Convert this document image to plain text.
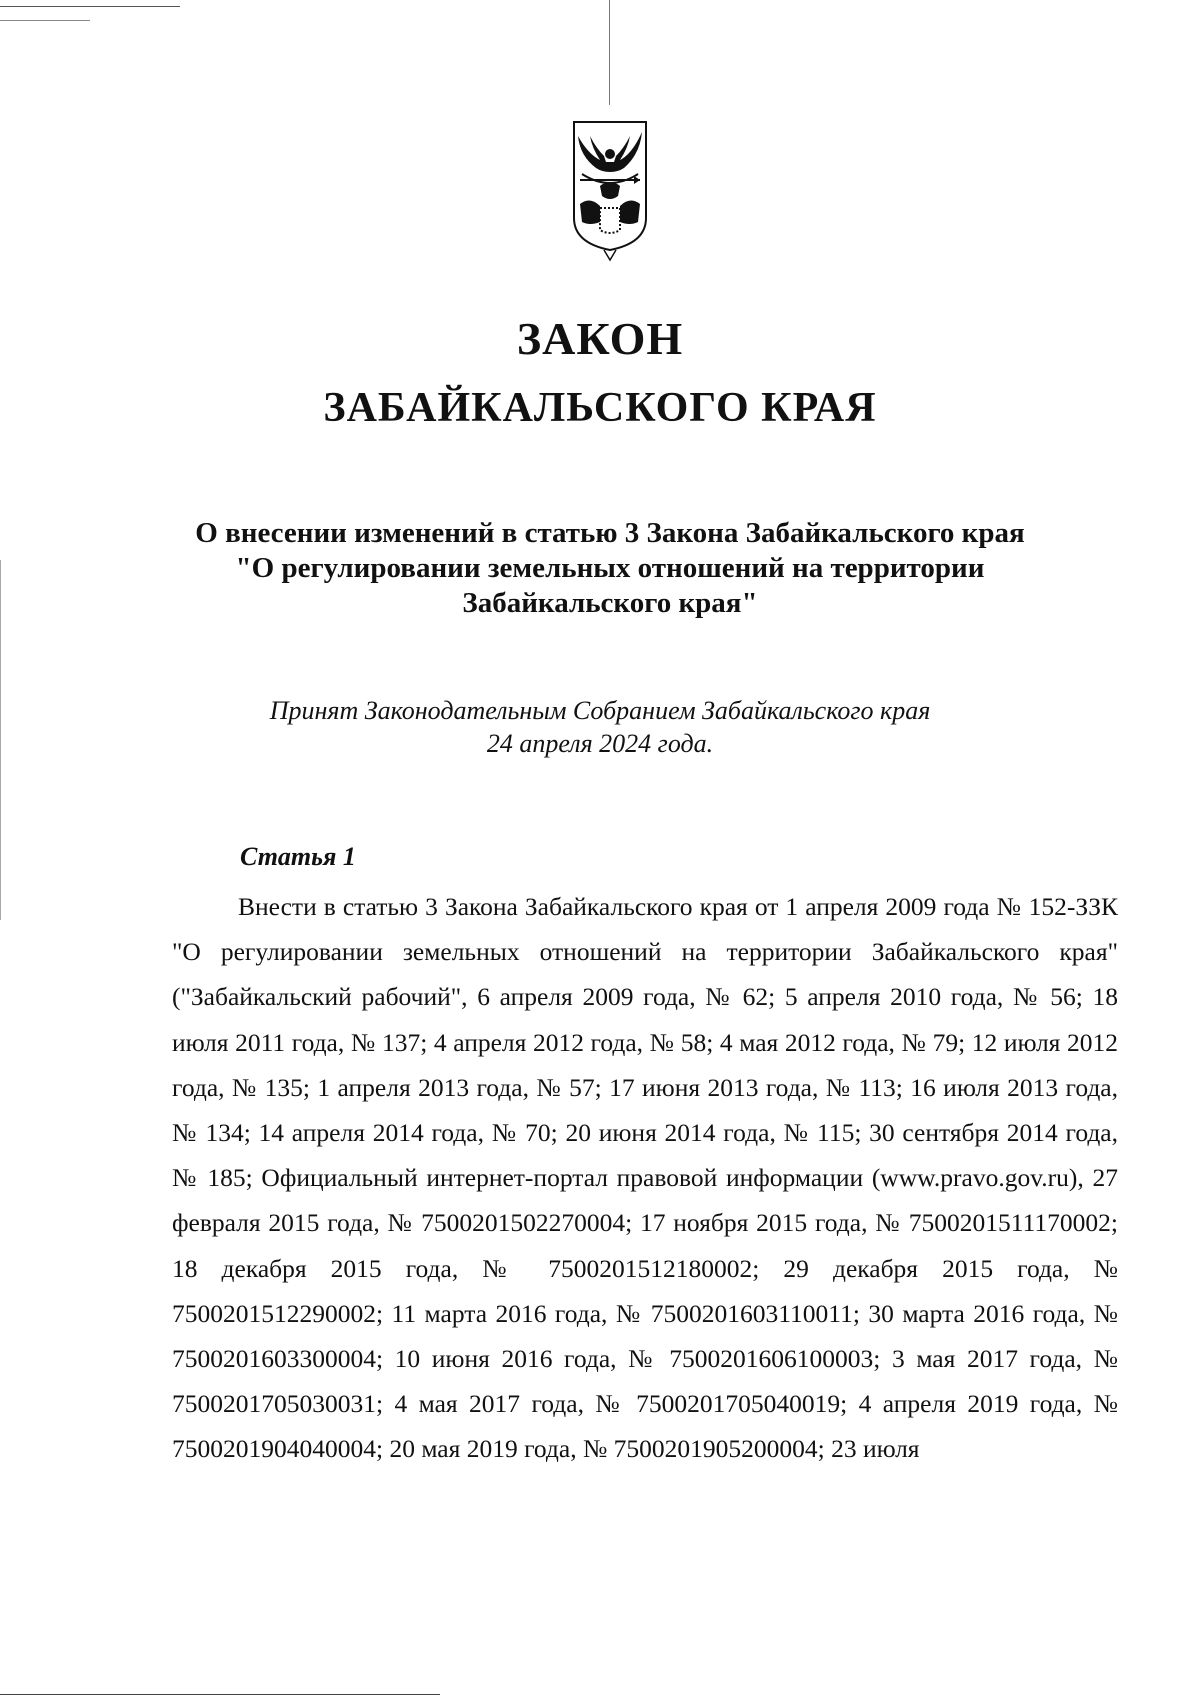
ЗАКОН
ЗАБАЙКАЛЬСКОГО КРАЯ
О внесении изменений в статью 3 Закона Забайкальского края
"О регулировании земельных отношений на территории
Забайкальского края"
Принят Законодательным Собранием Забайкальского края
24 апреля 2024 года.
Статья 1

Внести в статью 3 Закона Забайкальского края от 1 апреля 2009 года № 152-ЗЗК "О регулировании земельных отношений на территории Забайкальского края" ("Забайкальский рабочий", 6 апреля 2009 года, № 62; 5 апреля 2010 года, № 56; 18 июля 2011 года, № 137; 4 апреля 2012 года, № 58; 4 мая 2012 года, № 79; 12 июля 2012 года, № 135; 1 апреля 2013 года, № 57; 17 июня 2013 года, № 113; 16 июля 2013 года, № 134; 14 апреля 2014 года, № 70; 20 июня 2014 года, № 115; 30 сентября 2014 года, № 185; Официальный интернет-портал правовой информации (www.pravo.gov.ru), 27 февраля 2015 года, № 7500201502270004; 17 ноября 2015 года, № 7500201511170002; 18 декабря 2015 года, № 7500201512180002; 29 декабря 2015 года, № 7500201512290002; 11 марта 2016 года, № 7500201603110011; 30 марта 2016 года, № 7500201603300004; 10 июня 2016 года, № 7500201606100003; 3 мая 2017 года, № 7500201705030031; 4 мая 2017 года, № 7500201705040019; 4 апреля 2019 года, № 7500201904040004; 20 мая 2019 года, № 7500201905200004; 23 июля
